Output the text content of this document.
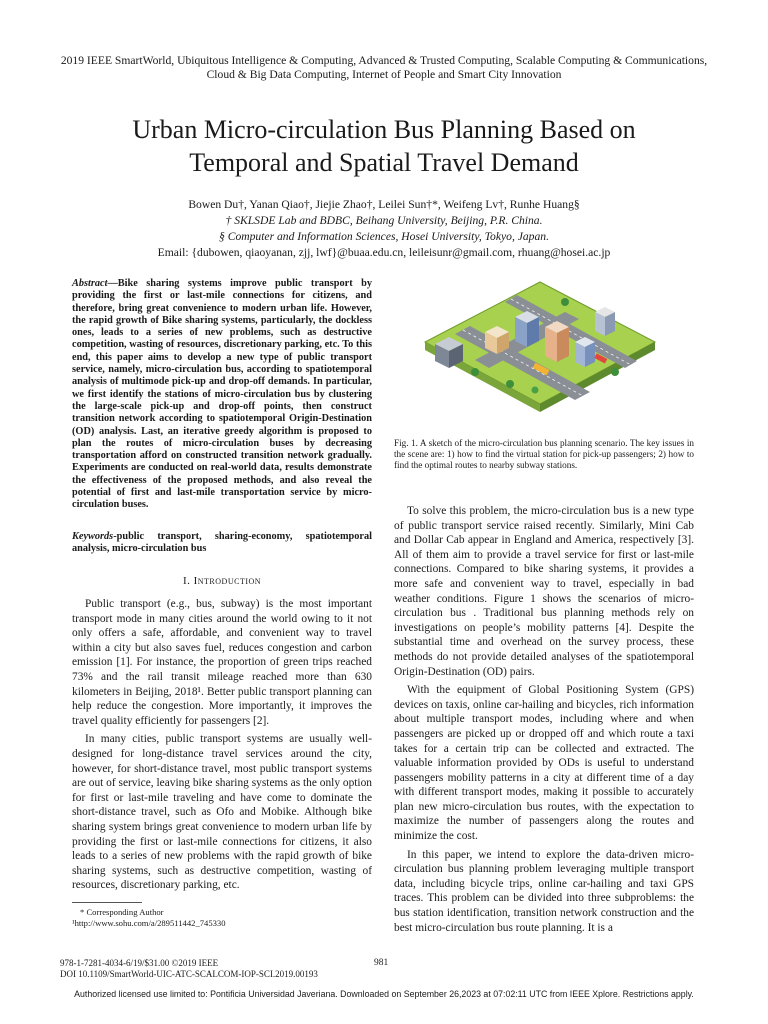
2019 IEEE SmartWorld, Ubiquitous Intelligence & Computing, Advanced & Trusted Computing, Scalable Computing & Communications, Cloud & Big Data Computing, Internet of People and Smart City Innovation
Urban Micro-circulation Bus Planning Based on
Temporal and Spatial Travel Demand
Bowen Du†, Yanan Qiao†, Jiejie Zhao†, Leilei Sun†*, Weifeng Lv†, Runhe Huang§
† SKLSDE Lab and BDBC, Beihang University, Beijing, P.R. China.
§ Computer and Information Sciences, Hosei University, Tokyo, Japan.
Email: {dubowen, qiaoyanan, zjj, lwf}@buaa.edu.cn, leileisunr@gmail.com, rhuang@hosei.ac.jp
Abstract—Bike sharing systems improve public transport by providing the first or last-mile connections for citizens, and therefore, bring great convenience to modern urban life. However, the rapid growth of Bike sharing systems, particularly, the dockless ones, leads to a series of new problems, such as destructive competition, wasting of resources, discretionary parking, etc. To this end, this paper aims to develop a new type of public transport service, namely, micro-circulation bus, according to spatiotemporal analysis of multimode pick-up and drop-off demands. In particular, we first identify the stations of micro-circulation bus by clustering the large-scale pick-up and drop-off points, then construct transition network according to spatiotemporal Origin-Destination (OD) analysis. Last, an iterative greedy algorithm is proposed to plan the routes of micro-circulation buses by decreasing transportation afford on constructed transition network gradually. Experiments are conducted on real-world data, results demonstrate the effectiveness of the proposed methods, and also reveal the potential of first and last-mile transportation service by micro-circulation buses.
Keywords-public transport, sharing-economy, spatiotemporal analysis, micro-circulation bus
I. Introduction

Public transport (e.g., bus, subway) is the most important transport mode in many cities around the world owing to it not only offers a safe, affordable, and convenient way to travel within a city but also saves fuel, reduces congestion and carbon emission [1]. For instance, the proportion of green trips reached 73% and the rail transit mileage reached more than 630 kilometers in Beijing, 2018¹. Better public transport planning can help reduce the congestion. More importantly, it improves the travel quality efficiently for passengers [2].

In many cities, public transport systems are usually well-designed for long-distance travel services around the city, however, for short-distance travel, most public transport systems are out of service, leaving bike sharing systems as the only option for first or last-mile traveling and have come to dominate the short-distance travel, such as Ofo and Mobike. Although bike sharing system brings great convenience to modern urban life by providing the first or last-mile connections for citizens, it also leads to a series of new problems with the rapid growth of bike sharing systems, such as destructive competition, wasting of resources, discretionary parking, etc.

* Corresponding Author
¹http://www.sohu.com/a/289511442_745330
Fig. 1. A sketch of the micro-circulation bus planning scenario. The key issues in the scene are: 1) how to find the virtual station for pick-up passengers; 2) how to find the optimal routes to nearby subway stations.

To solve this problem, the micro-circulation bus is a new type of public transport service raised recently. Similarly, Mini Cab and Dollar Cab appear in England and America, respectively [3]. All of them aim to provide a travel service for first or last-mile connections. Compared to bike sharing systems, it provides a more safe and convenient way to travel, especially in bad weather conditions. Figure 1 shows the scenarios of micro-circulation bus . Traditional bus planning methods rely on investigations on people’s mobility patterns [4]. Despite the substantial time and overhead on the survey process, these methods do not provide detailed analyses of the spatiotemporal Origin-Destination (OD) pairs.

With the equipment of Global Positioning System (GPS) devices on taxis, online car-hailing and bicycles, rich information about multiple transport modes, including where and when passengers are picked up or dropped off and which route a taxi takes for a certain trip can be collected and extracted. The valuable information provided by ODs is useful to understand passengers mobility patterns in a city at different time of a day with different transport modes, making it possible to accurately plan new micro-circulation bus routes, with the expectation to maximize the number of passengers along the routes and minimize the cost.

In this paper, we intend to explore the data-driven micro-circulation bus planning problem leveraging multiple transport data, including bicycle trips, online car-hailing and taxi GPS traces. This problem can be divided into three subproblems: the bus station identification, transition network construction and the best micro-circulation bus route planning. It is a

978-1-7281-4034-6/19/$31.00 ©2019 IEEE
DOI 10.1109/SmartWorld-UIC-ATC-SCALCOM-IOP-SCI.2019.00193
981
Authorized licensed use limited to: Pontificia Universidad Javeriana. Downloaded on September 26,2023 at 07:02:11 UTC from IEEE Xplore. Restrictions apply.
